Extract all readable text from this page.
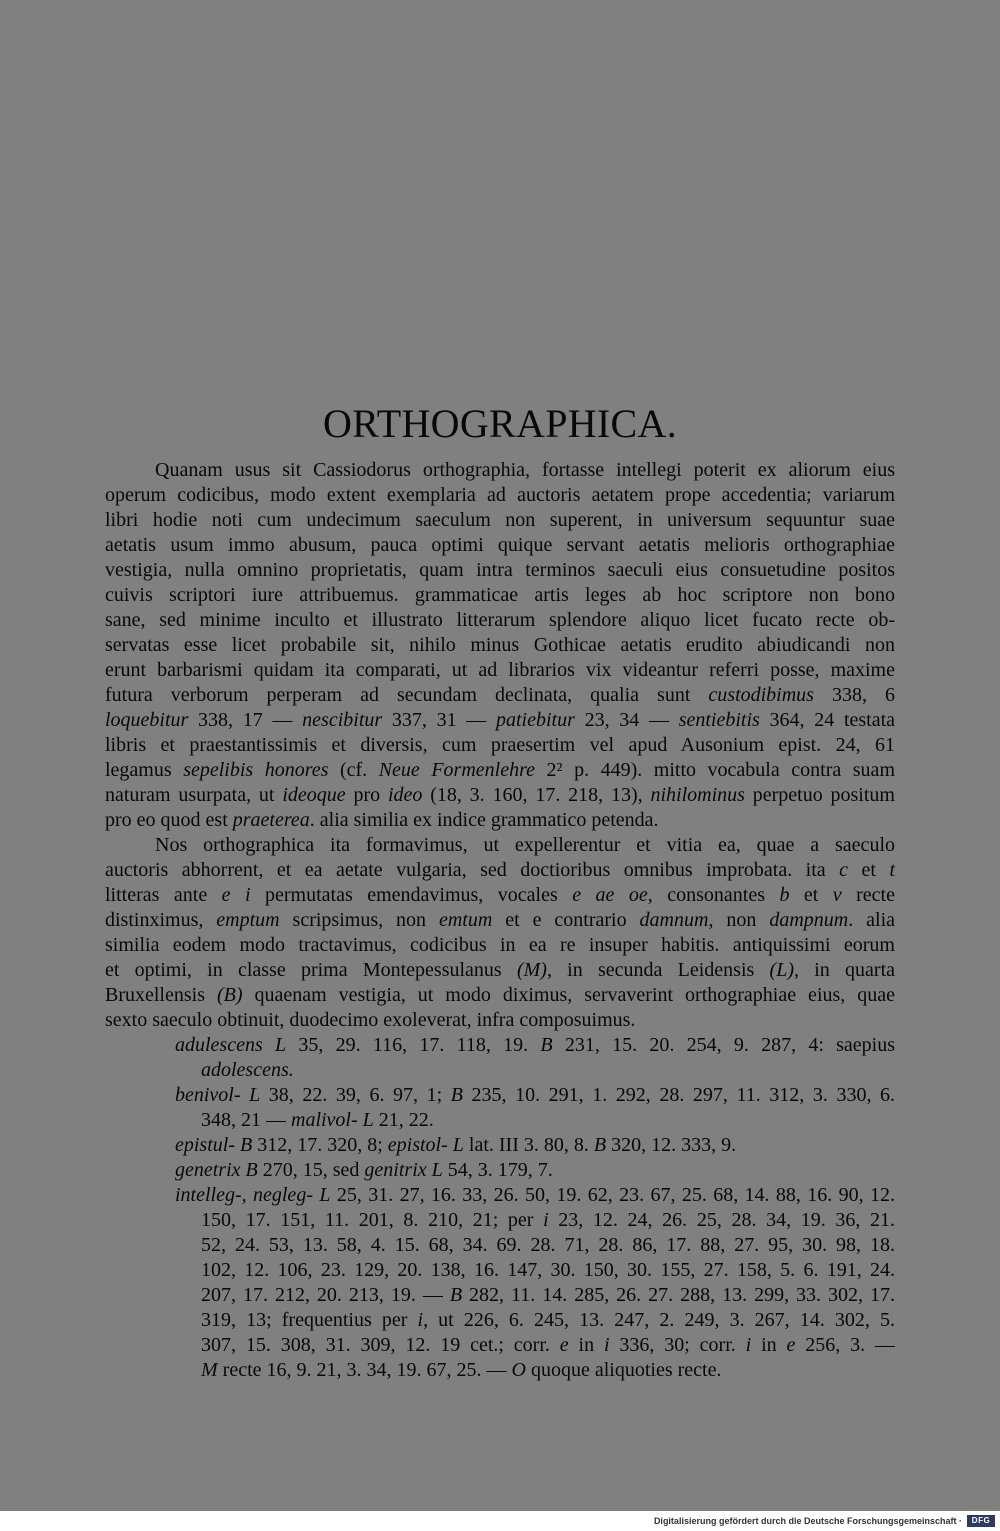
ORTHOGRAPHICA.
Quanam usus sit Cassiodorus orthographia, fortasse intellegi poterit ex aliorum eius
operum codicibus, modo extent exemplaria ad auctoris aetatem prope accedentia; variarum
libri hodie noti cum undecimum saeculum non superent, in universum sequuntur suae
aetatis usum immo abusum, pauca optimi quique servant aetatis melioris orthographiae
vestigia, nulla omnino proprietatis, quam intra terminos saeculi eius consuetudine positos
cuivis scriptori iure attribuemus. grammaticae artis leges ab hoc scriptore non bono
sane, sed minime inculto et illustrato litterarum splendore aliquo licet fucato recte ob-
servatas esse licet probabile sit, nihilo minus Gothicae aetatis erudito abiudicandi non
erunt barbarismi quidam ita comparati, ut ad librarios vix videantur referri posse, maxime
futura verborum perperam ad secundam declinata, qualia sunt custodibimus 338, 6
loquebitur 338, 17 — nescibitur 337, 31 — patiebitur 23, 34 — sentiebitis 364, 24 testata
libris et praestantissimis et diversis, cum praesertim vel apud Ausonium epist. 24, 61
legamus sepelibis honores (cf. Neue Formenlehre 2² p. 449). mitto vocabula contra suam
naturam usurpata, ut ideoque pro ideo (18, 3. 160, 17. 218, 13), nihilominus perpetuo positum
pro eo quod est praeterea. alia similia ex indice grammatico petenda.
Nos orthographica ita formavimus, ut expellerentur et vitia ea, quae a saeculo
auctoris abhorrent, et ea aetate vulgaria, sed doctioribus omnibus improbata. ita c et t
litteras ante e i permutatas emendavimus, vocales e ae oe, consonantes b et v recte
distinximus, emptum scripsimus, non emtum et e contrario damnum, non dampnum. alia
similia eodem modo tractavimus, codicibus in ea re insuper habitis. antiquissimi eorum
et optimi, in classe prima Montepessulanus (M), in secunda Leidensis (L), in quarta
Bruxellensis (B) quaenam vestigia, ut modo diximus, servaverint orthographiae eius, quae
sexto saeculo obtinuit, duodecimo exoleverat, infra composuimus.
adulescens L 35, 29. 116, 17. 118, 19. B 231, 15. 20. 254, 9. 287, 4: saepius
adolescens.
benivol- L 38, 22. 39, 6. 97, 1; B 235, 10. 291, 1. 292, 28. 297, 11. 312, 3. 330, 6.
348, 21 — malivol- L 21, 22.
epistul- B 312, 17. 320, 8; epistol- L lat. III 3. 80, 8. B 320, 12. 333, 9.
genetrix B 270, 15, sed genitrix L 54, 3. 179, 7.
intelleg-, negleg- L 25, 31. 27, 16. 33, 26. 50, 19. 62, 23. 67, 25. 68, 14. 88, 16. 90, 12.
150, 17. 151, 11. 201, 8. 210, 21; per i 23, 12. 24, 26. 25, 28. 34, 19. 36, 21.
52, 24. 53, 13. 58, 4. 15. 68, 34. 69. 28. 71, 28. 86, 17. 88, 27. 95, 30. 98, 18.
102, 12. 106, 23. 129, 20. 138, 16. 147, 30. 150, 30. 155, 27. 158, 5. 6. 191, 24.
207, 17. 212, 20. 213, 19. — B 282, 11. 14. 285, 26. 27. 288, 13. 299, 33. 302, 17.
319, 13; frequentius per i, ut 226, 6. 245, 13. 247, 2. 249, 3. 267, 14. 302, 5.
307, 15. 308, 31. 309, 12. 19 cet.; corr. e in i 336, 30; corr. i in e 256, 3. —
M recte 16, 9. 21, 3. 34, 19. 67, 25. — O quoque aliquoties recte.
Digitalisierung gefördert durch die Deutsche Forschungsgemeinschaft ·	DFG
